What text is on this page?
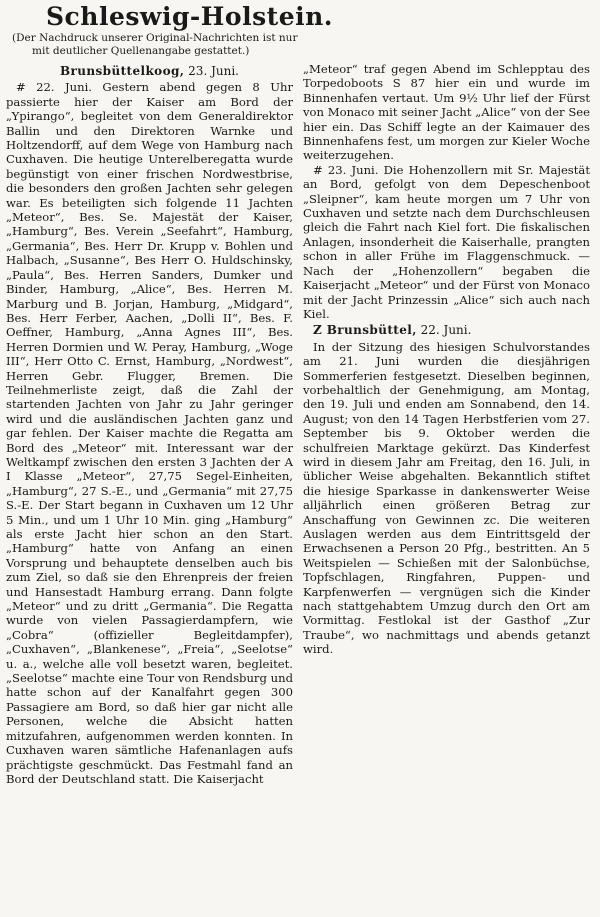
Schleswig-Holstein.
(Der Nachdruck unserer Original-Nachrichten ist nur
mit deutlicher Quellenangabe gestattet.)
Brunsbüttelkoog, 23. Juni.

# 22. Juni. Gestern abend gegen 8 Uhr passierte hier der Kaiser am Bord der „Ypirango“, begleitet von dem Generaldirektor Ballin und den Direktoren Warnke und Holtzendorff, auf dem Wege von Hamburg nach Cuxhaven. Die heutige Unterelberegatta wurde begünstigt von einer frischen Nordwestbrise, die besonders den großen Jachten sehr gelegen war. Es beteiligten sich folgende 11 Jachten „Meteor“, Bes. Se. Majestät der Kaiser, „Hamburg“, Bes. Verein „Seefahrt“, Hamburg, „Germania“, Bes. Herr Dr. Krupp v. Bohlen und Halbach, „Susanne“, Bes Herr O. Huldschinsky, „Paula“, Bes. Herren Sanders, Dumker und Binder, Hamburg, „Alice“, Bes. Herren M. Marburg und B. Jorjan, Hamburg, „Midgard“, Bes. Herr Ferber, Aachen, „Dolli II“, Bes. F. Oeffner, Hamburg, „Anna Agnes III“, Bes. Herren Dormien und W. Peray, Hamburg, „Woge III“, Herr Otto C. Ernst, Hamburg, „Nordwest“, Herren Gebr. Flugger, Bremen. Die Teilnehmerliste zeigt, daß die Zahl der startenden Jachten von Jahr zu Jahr geringer wird und die ausländischen Jachten ganz und gar fehlen. Der Kaiser machte die Regatta am Bord des „Meteor“ mit. Interessant war der Weltkampf zwischen den ersten 3 Jachten der A I Klasse „Meteor“, 27,75 Segel-Einheiten, „Hamburg“, 27 S.-E., und „Germania“ mit 27,75 S.-E. Der Start begann in Cuxhaven um 12 Uhr 5 Min., und um 1 Uhr 10 Min. ging „Hamburg“ als erste Jacht hier schon an den Start. „Hamburg“ hatte von Anfang an einen Vorsprung und behauptete denselben auch bis zum Ziel, so daß sie den Ehrenpreis der freien und Hansestadt Hamburg errang. Dann folgte „Meteor“ und zu dritt „Germania“. Die Regatta wurde von vielen Passagierdampfern, wie „Cobra“ (offizieller Begleitdampfer), „Cuxhaven“, „Blankenese“, „Freia“, „Seelotse“ u. a., welche alle voll besetzt waren, begleitet. „Seelotse“ machte eine Tour von Rendsburg und hatte schon auf der Kanalfahrt gegen 300 Passagiere am Bord, so daß hier gar nicht alle Personen, welche die Absicht hatten mitzufahren, aufgenommen werden konnten. In Cuxhaven waren sämtliche Hafenanlagen aufs prächtigste geschmückt. Das Festmahl fand an Bord der Deutschland statt. Die Kaiserjacht

„Meteor“ traf gegen Abend im Schlepptau des Torpedoboots S 87 hier ein und wurde im Binnenhafen vertaut. Um 9½ Uhr lief der Fürst von Monaco mit seiner Jacht „Alice“ von der See hier ein. Das Schiff legte an der Kaimauer des Binnenhafens fest, um morgen zur Kieler Woche weiterzugehen.

# 23. Juni. Die Hohenzollern mit Sr. Majestät an Bord, gefolgt von dem Depeschenboot „Sleipner“, kam heute morgen um 7 Uhr von Cuxhaven und setzte nach dem Durchschleusen gleich die Fahrt nach Kiel fort. Die fiskalischen Anlagen, insonderheit die Kaiserhalle, prangten schon in aller Frühe im Flaggenschmuck. — Nach der „Hohenzollern“ begaben die Kaiserjacht „Meteor“ und der Fürst von Monaco mit der Jacht Prinzessin „Alice“ sich auch nach Kiel.

Z Brunsbüttel, 22. Juni.

In der Sitzung des hiesigen Schulvorstandes am 21. Juni wurden die diesjährigen Sommerferien festgesetzt. Dieselben beginnen, vorbehaltlich der Genehmigung, am Montag, den 19. Juli und enden am Sonnabend, den 14. August; von den 14 Tagen Herbstferien vom 27. September bis 9. Oktober werden die schulfreien Marktage gekürzt. Das Kinderfest wird in diesem Jahr am Freitag, den 16. Juli, in üblicher Weise abgehalten. Bekanntlich stiftet die hiesige Sparkasse in dankenswerter Weise alljährlich einen größeren Betrag zur Anschaffung von Gewinnen zc. Die weiteren Auslagen werden aus dem Eintrittsgeld der Erwachsenen a Person 20 Pfg., bestritten. An 5 Weitspielen — Schießen mit der Salonbüchse, Topfschlagen, Ringfahren, Puppen- und Karpfenwerfen — vergnügen sich die Kinder nach stattgehabtem Umzug durch den Ort am Vormittag. Festlokal ist der Gasthof „Zur Traube“, wo nachmittags und abends getanzt wird.
